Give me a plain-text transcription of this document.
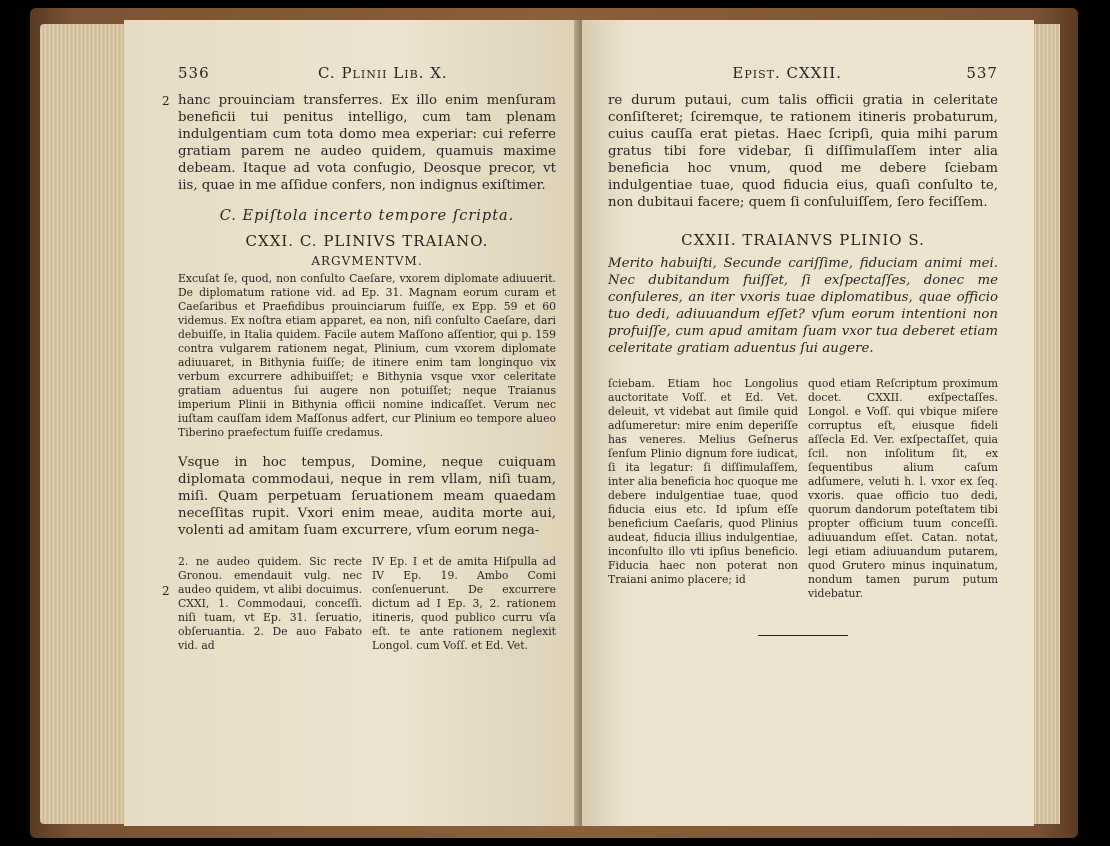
536	C. Plinii Lib. X.

hanc prouinciam transferres. Ex illo enim menſuram beneficii tui penitus intelligo, cum tam plenam indulgentiam cum tota domo mea experiar: cui referre gratiam parem ne audeo quidem, quamuis maxime debeam. Itaque ad vota confugio, Deosque precor, vt iis, quae in me aſſidue confers, non indignus exiſtimer.

C. Epiſtola incerto tempore ſcripta.
CXXI. C. PLINIVS TRAIANO.
ARGVMENTVM.

Excuſat ſe, quod, non conſulto Caeſare, vxorem diplomate adiuuerit. De diplomatum ratione vid. ad Ep. 31. Magnam eorum curam et Caeſaribus et Praefidibus prouinciarum fuiſſe, ex Epp. 59 et 60 videmus. Ex noſtra etiam apparet, ea non, niſi conſulto Caeſare, dari debuiſſe, in Italia quidem. Facile autem Maſſono aſſentior, qui p. 159 contra vulgarem rationem negat, Plinium, cum vxorem diplomate adiuuaret, in Bithynia fuiſſe; de itinere enim tam longinquo vix verbum excurrere adhibuiſſet; e Bithynia vsque vxor celeritate gratiam aduentus ſui augere non potuiſſet; neque Traianus imperium Plinii in Bithynia officii nomine indicaſſet. Verum nec iuſtam cauſſam idem Maſſonus adfert, cur Plinium eo tempore alueo Tiberino praefectum fuiſſe credamus.

Vsque in hoc tempus, Domine, neque cuiquam diplomata commodaui, neque in rem vllam, niſi tuam, miſi. Quam perpetuam ſeruationem meam quaedam neceſſitas rupit. Vxori enim meae, audita morte aui, volenti ad amitam ſuam excurrere, vſum eorum nega-

2. ne audeo quidem. Sic recte Gronou. emendauit vulg. nec audeo quidem, vt alibi docuimus. CXXI, 1. Commodaui, conceſſi. niſi tuam, vt Ep. 31. ſeruatio, obſeruantia. 2. De auo Fabato vid. ad
IV Ep. I et de amita Hiſpulla ad IV Ep. 19. Ambo Comi conſenuerunt. De excurrere dictum ad I Ep. 3, 2. rationem itineris, quod publico curru vſa eſt. te ante rationem neglexit Longol. cum Voſſ. et Ed. Vet.
2
2
Epist. CXXII.	537

re durum putaui, cum talis officii gratia in celeritate conſiſteret; ſciremque, te rationem itineris probaturum, cuius cauſſa erat pietas. Haec ſcripſi, quia mihi parum gratus tibi fore videbar, ſi diſſimulaſſem inter alia beneficia hoc vnum, quod me debere ſciebam indulgentiae tuae, quod fiducia eius, quaſi conſulto te, non dubitaui facere; quem ſi conſuluiſſem, ſero feciſſem.

CXXII. TRAIANVS PLINIO S.

Merito habuiſti, Secunde cariſſime, fiduciam animi mei. Nec dubitandum fuiſſet, ſi exſpectaſſes, donec me conſuleres, an iter vxoris tuae diplomatibus, quae officio tuo dedi, adiuuandum eſſet? vſum eorum intentioni non profuiſſe, cum apud amitam ſuam vxor tua deberet etiam celeritate gratiam aduentus ſui augere.

ſciebam. Etiam hoc Longolius auctoritate Voſſ. et Ed. Vet. deleuit, vt videbat aut ſimile quid adſumeretur: mire enim deperiſſe has veneres. Melius Geſnerus ſenſum Plinio dignum fore iudicat, ſi ita legatur: ſi diſſimulaſſem, inter alia beneficia hoc quoque me debere indulgentiae tuae, quod fiducia eius etc. Id ipſum eſſe beneficium Caeſaris, quod Plinius audeat, fiducia illius indulgentiae, inconſulto illo vti ipſius beneficio. Fiducia haec non poterat non Traiani animo placere; id
quod etiam Reſcriptum proximum docet. CXXII. exſpectaſſes. Longol. e Voſſ. qui vbique miſere corruptus eſt, eiusque fideli aſſecla Ed. Ver. exſpectaſſet, quia ſcil. non inſolitum ſit, ex ſequentibus alium caſum adſumere, veluti h. l. vxor ex ſeq. vxoris. quae officio tuo dedi, quorum dandorum poteſtatem tibi propter officium tuum conceſſi. adiuuandum eſſet. Catan. notat, legi etiam adiuuandum putarem, quod Grutero minus inquinatum, nondum tamen purum putum videbatur.
